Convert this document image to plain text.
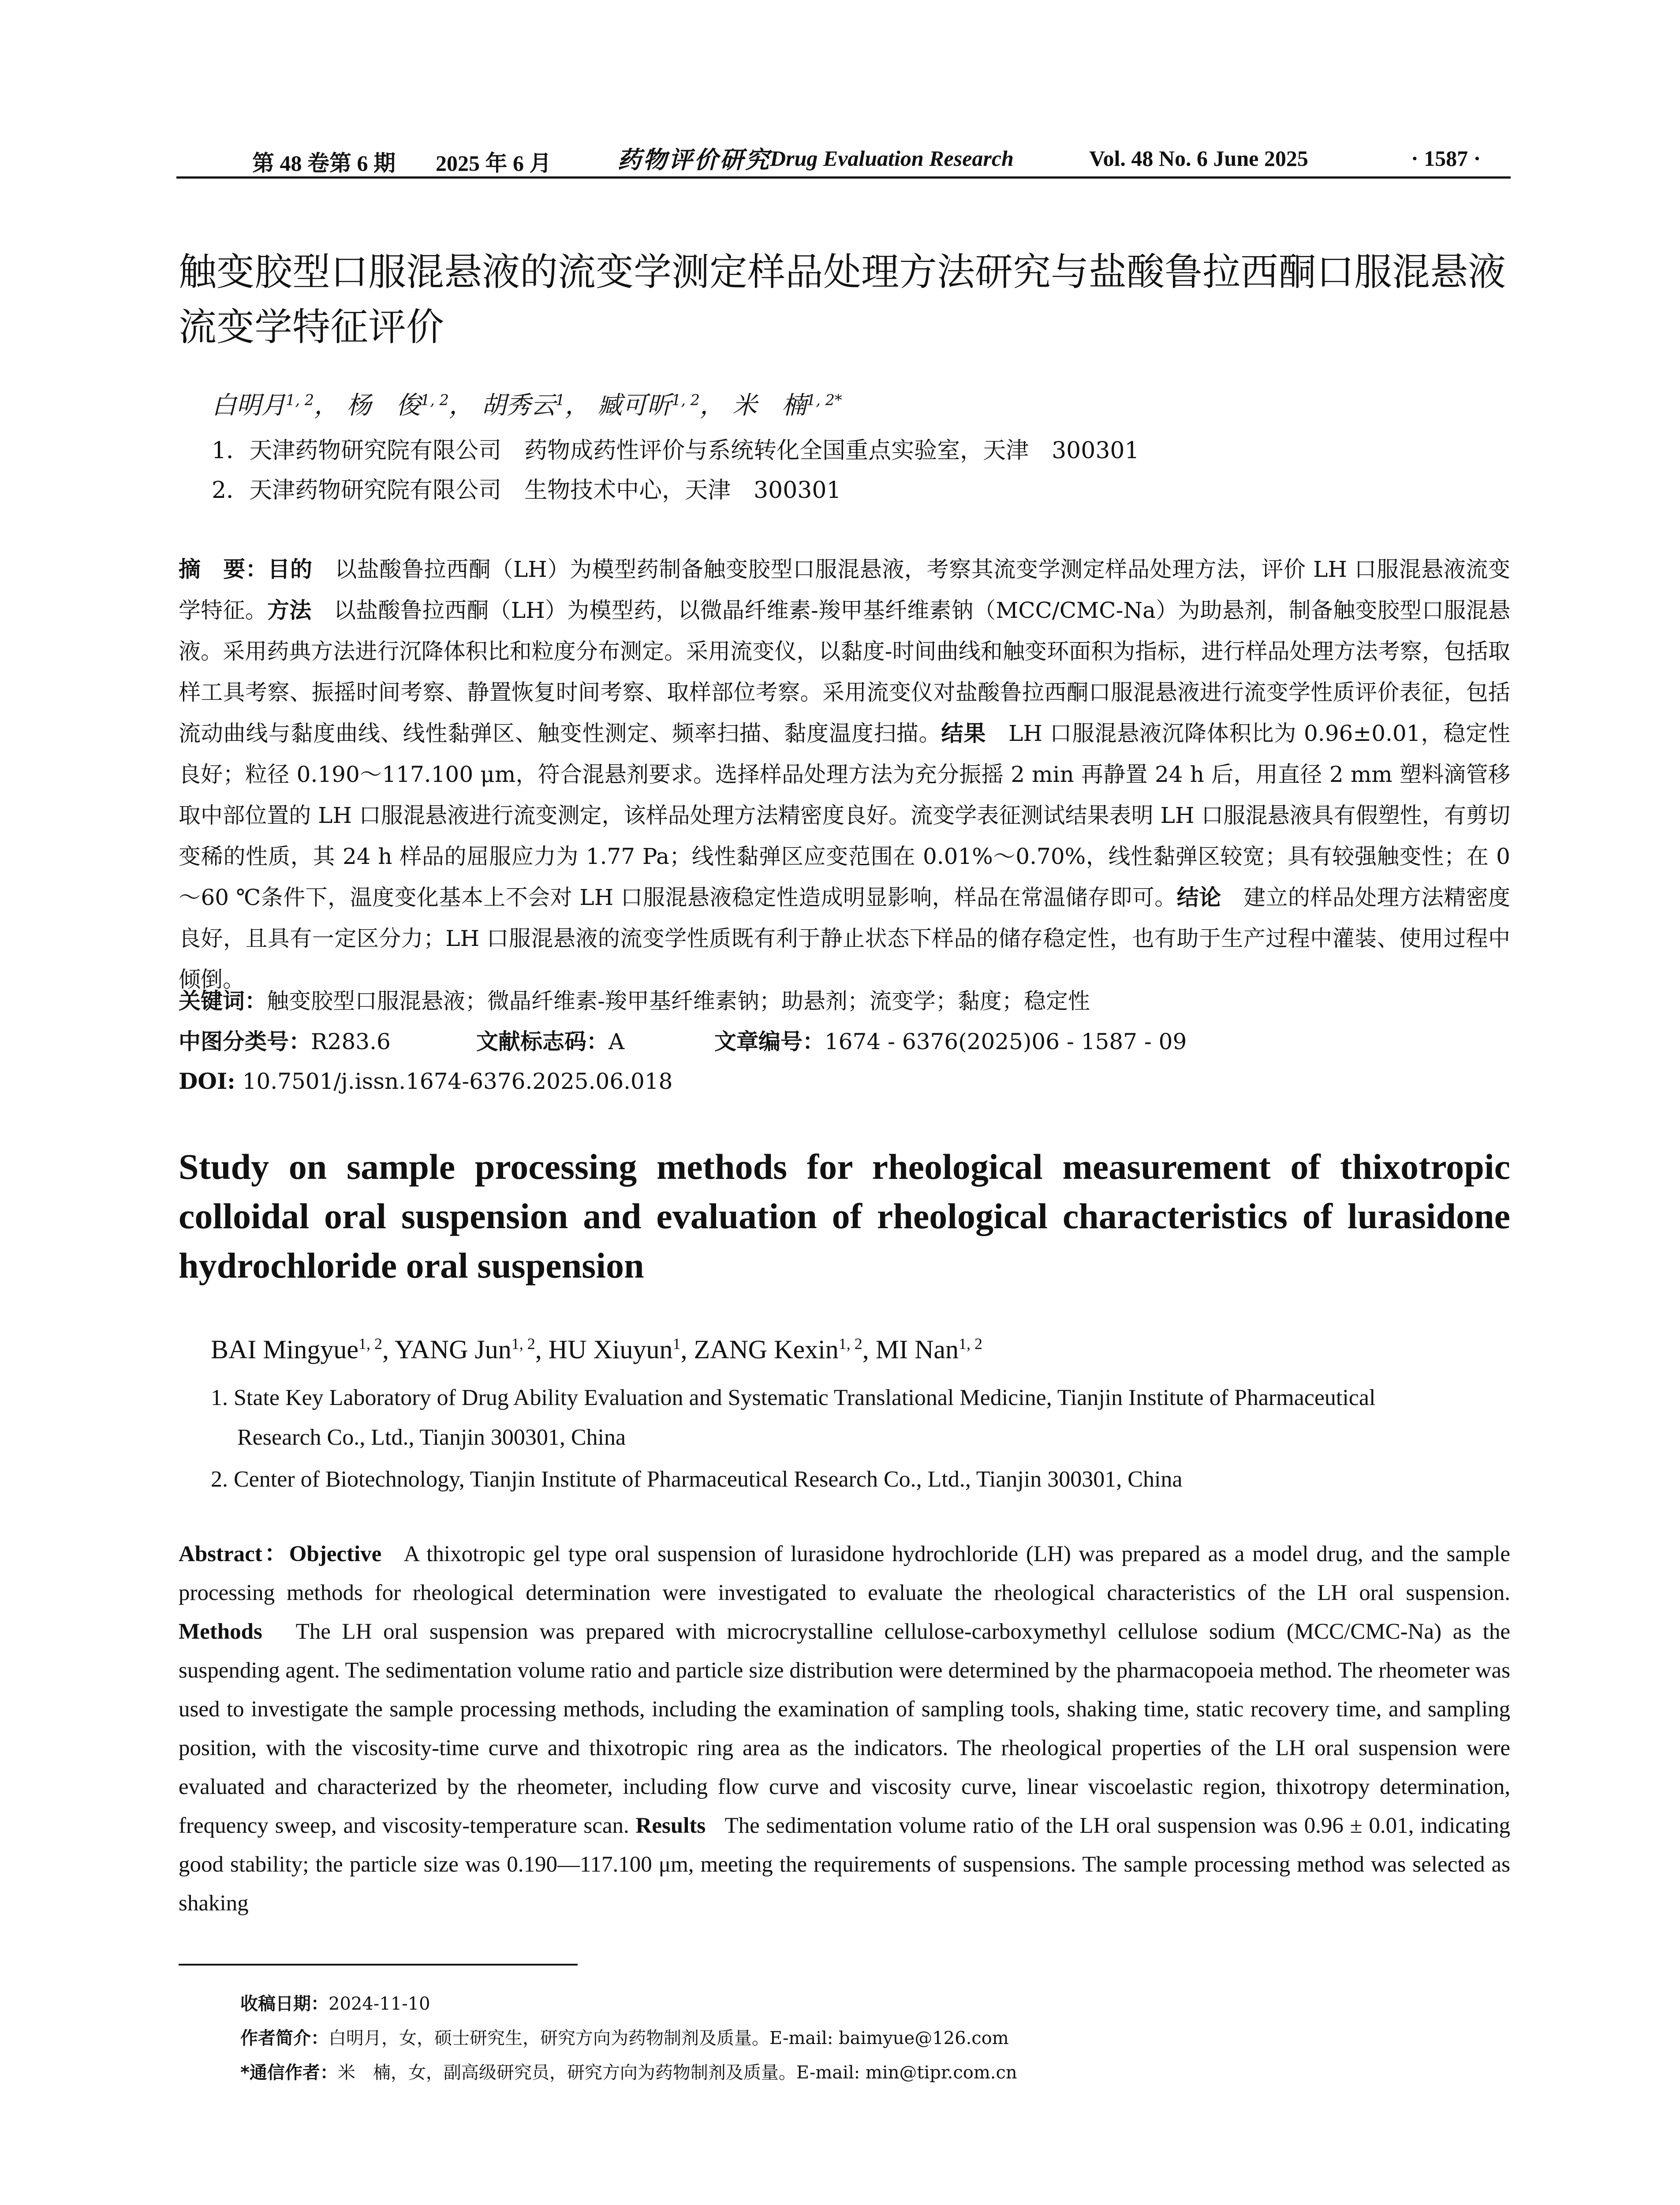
第 48 卷第 6 期 2025 年 6 月	药物评价研究
Drug Evaluation Research	Vol. 48 No. 6 June 2025	· 1587 ·
触变胶型口服混悬液的流变学测定样品处理方法研究与盐酸鲁拉西酮口服混悬液流变学特征评价
白明月$^{1, 2}$， 杨　俊$^{1, 2}$， 胡秀云$^1$， 臧可昕$^{1, 2}$， 米　楠$^{1, 2*}$
1．天津药物研究院有限公司　药物成药性评价与系统转化全国重点实验室，天津　300301
2．天津药物研究院有限公司　生物技术中心，天津　300301
摘　要：目的　 以盐酸鲁拉西酮（LH）为模型药制备触变胶型口服混悬液，考察其流变学测定样品处理方法，评价 LH 口服混悬液流变学特征。方法　 以盐酸鲁拉西酮（LH）为模型药，以微晶纤维素-羧甲基纤维素钠（MCC/CMC-Na）为助悬剂，制备触变胶型口服混悬液。采用药典方法进行沉降体积比和粒度分布测定。采用流变仪，以黏度-时间曲线和触变环面积为指标，进行样品处理方法考察，包括取样工具考察、振摇时间考察、静置恢复时间考察、取样部位考察。采用流变仪对盐酸鲁拉西酮口服混悬液进行流变学性质评价表征，包括流动曲线与黏度曲线、线性黏弹区、触变性测定、频率扫描、黏度温度扫描。结果　 LH 口服混悬液沉降体积比为 0.96±0.01，稳定性良好；粒径 0.190～117.100 μm，符合混悬剂要求。选择样品处理方法为充分振摇 2 min 再静置 24 h 后，用直径 2 mm 塑料滴管移取中部位置的 LH 口服混悬液进行流变测定，该样品处理方法精密度良好。流变学表征测试结果表明 LH 口服混悬液具有假塑性，有剪切变稀的性质，其 24 h 样品的屈服应力为 1.77 Pa；线性黏弹区应变范围在 0.01%～0.70%，线性黏弹区较宽；具有较强触变性；在 0～60 ℃条件下，温度变化基本上不会对 LH 口服混悬液稳定性造成明显影响，样品在常温储存即可。结论　 建立的样品处理方法精密度良好，且具有一定区分力；LH 口服混悬液的流变学性质既有利于静止状态下样品的储存稳定性，也有助于生产过程中灌装、使用过程中倾倒。
关键词：触变胶型口服混悬液；微晶纤维素-羧甲基纤维素钠；助悬剂；流变学；黏度；稳定性
中图分类号：R283.6	文献标志码：A	文章编号：1674 - 6376(2025)06 - 1587 - 09
DOI: 10.7501/j.issn.1674-6376.2025.06.018
Study on sample processing methods for rheological measurement of thixotropic colloidal oral suspension and evaluation of rheological characteristics of lurasidone hydrochloride oral suspension
BAI Mingyue$^{1, 2}$, YANG Jun$^{1, 2}$, HU Xiuyun$^1$, ZANG Kexin$^{1, 2}$, MI Nan$^{1, 2}$
1. State Key Laboratory of Drug Ability Evaluation and Systematic Translational Medicine, Tianjin Institute of Pharmaceutical
Research Co., Ltd., Tianjin 300301, China
2. Center of Biotechnology, Tianjin Institute of Pharmaceutical Research Co., Ltd., Tianjin 300301, China
Abstract：Objective A thixotropic gel type oral suspension of lurasidone hydrochloride (LH) was prepared as a model drug, and the sample processing methods for rheological determination were investigated to evaluate the rheological characteristics of the LH oral suspension. Methods The LH oral suspension was prepared with microcrystalline cellulose-carboxymethyl cellulose sodium (MCC/CMC-Na) as the suspending agent. The sedimentation volume ratio and particle size distribution were determined by the pharmacopoeia method. The rheometer was used to investigate the sample processing methods, including the examination of sampling tools, shaking time, static recovery time, and sampling position, with the viscosity-time curve and thixotropic ring area as the indicators. The rheological properties of the LH oral suspension were evaluated and characterized by the rheometer, including flow curve and viscosity curve, linear viscoelastic region, thixotropy determination, frequency sweep, and viscosity-temperature scan. Results The sedimentation volume ratio of the LH oral suspension was 0.96 ± 0.01, indicating good stability; the particle size was 0.190—117.100 μm, meeting the requirements of suspensions. The sample processing method was selected as shaking
收稿日期：2024-11-10
作者简介：白明月，女，硕士研究生，研究方向为药物制剂及质量。E-mail: baimyue@126.com
*通信作者：米　楠，女，副高级研究员，研究方向为药物制剂及质量。E-mail: min@tipr.com.cn
